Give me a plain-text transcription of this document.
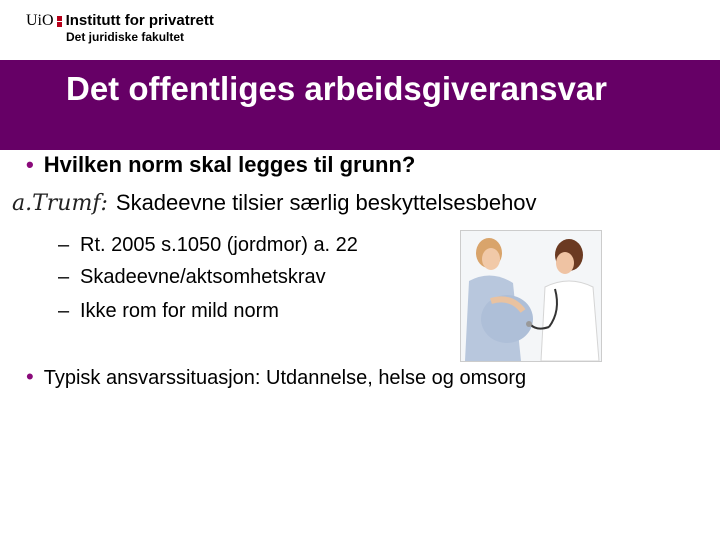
UiO Institutt for privatrett
Det juridiske fakultet
Det offentliges arbeidsgiveransvar
• Hvilken norm skal legges til grunn?
a.Trumf: Skadeevne tilsier særlig beskyttelsesbehov
– Rt. 2005 s.1050 (jordmor) a. 22
– Skadeevne/aktsomhetskrav
– Ikke rom for mild norm
• Typisk ansvarssituasjon: Utdannelse, helse og omsorg
